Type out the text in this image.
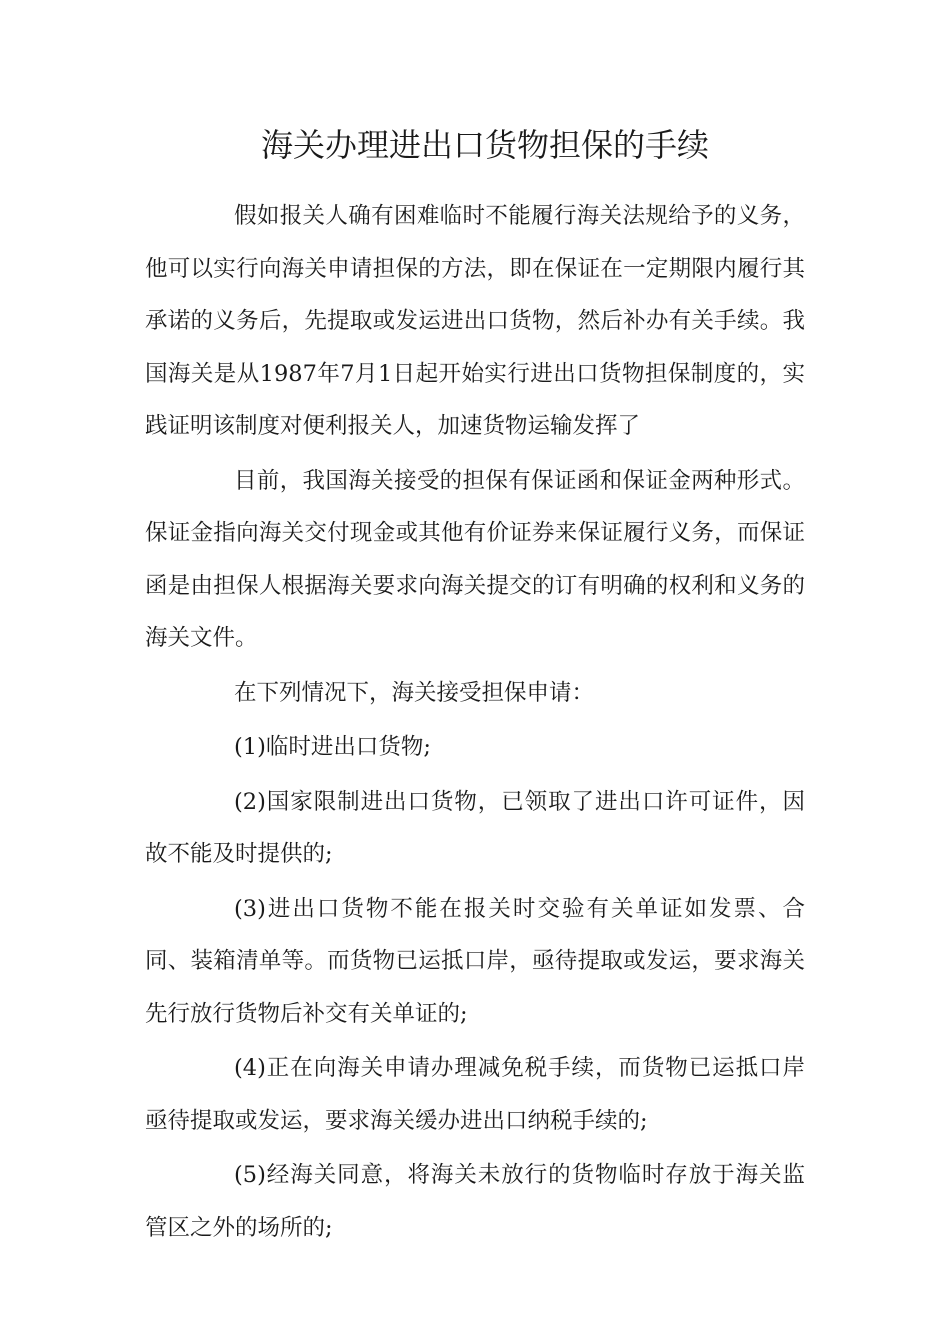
海关办理进出口货物担保的手续

假如报关人确有困难临时不能履行海关法规给予的义务，他可以实行向海关申请担保的方法，即在保证在一定期限内履行其承诺的义务后，先提取或发运进出口货物，然后补办有关手续。我国海关是从1987年7月1日起开始实行进出口货物担保制度的，实践证明该制度对便利报关人，加速货物运输发挥了

目前，我国海关接受的担保有保证函和保证金两种形式。保证金指向海关交付现金或其他有价证券来保证履行义务，而保证函是由担保人根据海关要求向海关提交的订有明确的权利和义务的海关文件。

在下列情况下，海关接受担保申请：

(1)临时进出口货物;

(2)国家限制进出口货物，已领取了进出口许可证件，因故不能及时提供的;

(3)进出口货物不能在报关时交验有关单证如发票、合同、装箱清单等。而货物已运抵口岸，亟待提取或发运，要求海关先行放行货物后补交有关单证的;

(4)正在向海关申请办理减免税手续，而货物已运抵口岸亟待提取或发运，要求海关缓办进出口纳税手续的;

(5)经海关同意，将海关未放行的货物临时存放于海关监管区之外的场所的;
